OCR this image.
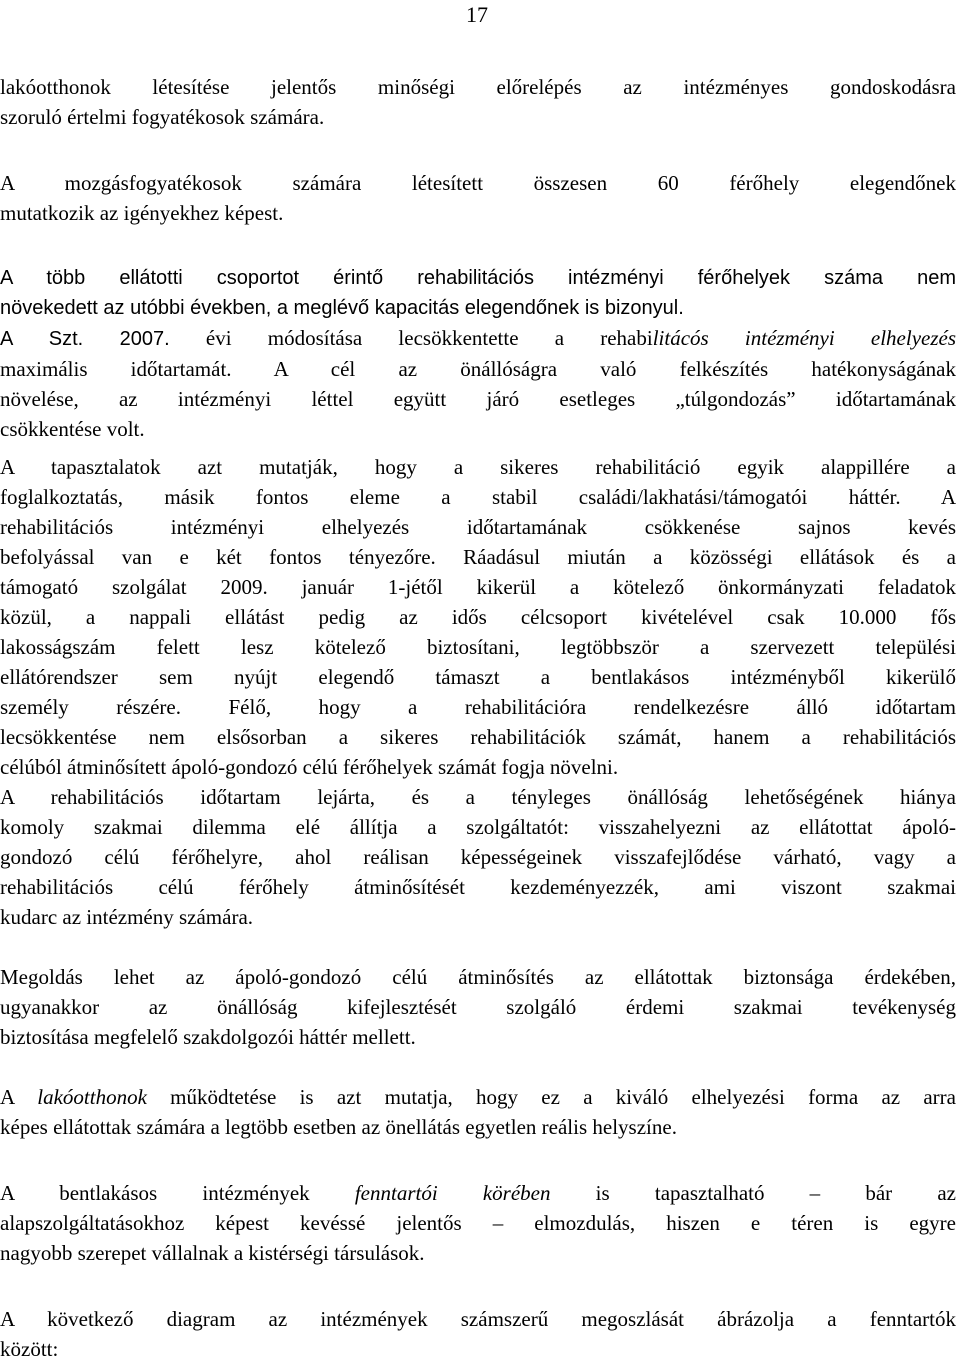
17

lakóotthonok létesítése jelentős minőségi előrelépés az intézményes gondoskodásra
szoruló értelmi fogyatékosok számára.

A mozgásfogyatékosok számára létesített összesen 60 férőhely elegendőnek
mutatkozik az igényekhez képest.

A több ellátotti csoportot érintő rehabilitációs intézményi férőhelyek száma nem
növekedett az utóbbi években, a meglévő kapacitás elegendőnek is bizonyul.
A Szt. 2007. évi módosítása lecsökkentette a rehabilitácós intézményi elhelyezés
maximális időtartamát. A cél az önállóságra való felkészítés hatékonyságának
növelése, az intézményi léttel együtt járó esetleges „túlgondozás” időtartamának
csökkentése volt.

A tapasztalatok azt mutatják, hogy a sikeres rehabilitáció egyik alappillére a
foglalkoztatás, másik fontos eleme a stabil családi/lakhatási/támogatói háttér. A
rehabilitációs intézményi elhelyezés időtartamának csökkenése sajnos kevés
befolyással van e két fontos tényezőre. Ráadásul miután a közösségi ellátások és a
támogató szolgálat 2009. január 1-jétől kikerül a kötelező önkormányzati feladatok
közül, a nappali ellátást pedig az idős célcsoport kivételével csak 10.000 fős
lakosságszám felett lesz kötelező biztosítani, legtöbbször a szervezett települési
ellátórendszer sem nyújt elegendő támaszt a bentlakásos intézményből kikerülő
személy részére. Félő, hogy a rehabilitációra rendelkezésre álló időtartam
lecsökkentése nem elsősorban a sikeres rehabilitációk számát, hanem a rehabilitációs
célúból átminősített ápoló-gondozó célú férőhelyek számát fogja növelni.

A rehabilitációs időtartam lejárta, és a tényleges önállóság lehetőségének hiánya
komoly szakmai dilemma elé állítja a szolgáltatót: visszahelyezni az ellátottat ápoló-
gondozó célú férőhelyre, ahol reálisan képességeinek visszafejlődése várható, vagy a
rehabilitációs célú férőhely átminősítését kezdeményezzék, ami viszont szakmai
kudarc az intézmény számára.

Megoldás lehet az ápoló-gondozó célú átminősítés az ellátottak biztonsága érdekében,
ugyanakkor az önállóság kifejlesztését szolgáló érdemi szakmai tevékenység
biztosítása megfelelő szakdolgozói háttér mellett.

A lakóotthonok működtetése is azt mutatja, hogy ez a kiváló elhelyezési forma az arra
képes ellátottak számára a legtöbb esetben az önellátás egyetlen reális helyszíne.

A bentlakásos intézmények fenntartói körében is tapasztalható – bár az
alapszolgáltatásokhoz képest kevéssé jelentős – elmozdulás, hiszen e téren is egyre
nagyobb szerepet vállalnak a kistérségi társulások.

A következő diagram az intézmények számszerű megoszlását ábrázolja a fenntartók
között:
